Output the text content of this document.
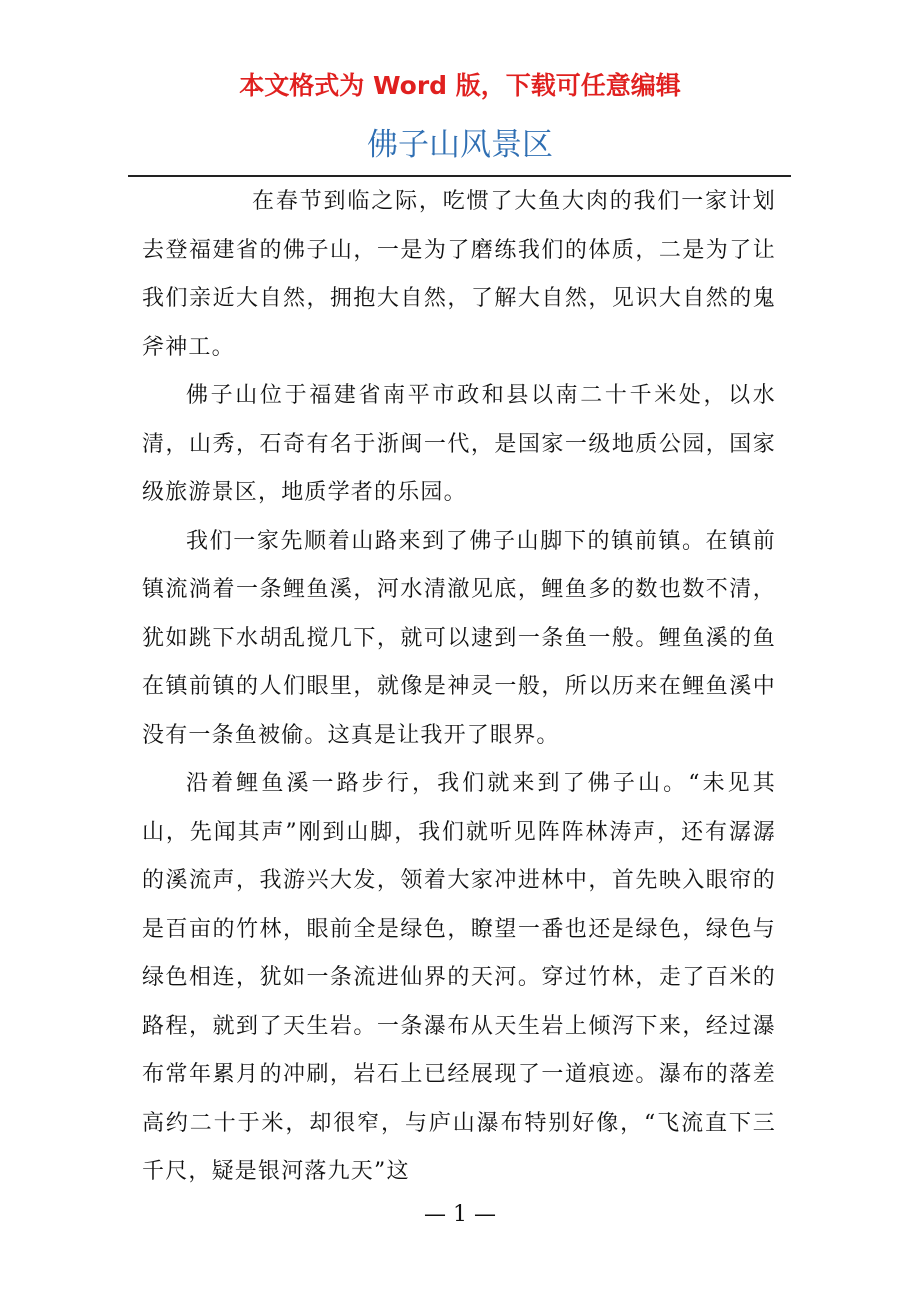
本文格式为 Word 版，下载可任意编辑
佛子山风景区

在春节到临之际，吃惯了大鱼大肉的我们一家计划去登福建省的佛子山，一是为了磨练我们的体质，二是为了让我们亲近大自然，拥抱大自然，了解大自然，见识大自然的鬼斧神工。

佛子山位于福建省南平市政和县以南二十千米处，以水清，山秀，石奇有名于浙闽一代，是国家一级地质公园，国家级旅游景区，地质学者的乐园。

我们一家先顺着山路来到了佛子山脚下的镇前镇。在镇前镇流淌着一条鲤鱼溪，河水清澈见底，鲤鱼多的数也数不清，犹如跳下水胡乱搅几下，就可以逮到一条鱼一般。鲤鱼溪的鱼在镇前镇的人们眼里，就像是神灵一般，所以历来在鲤鱼溪中没有一条鱼被偷。这真是让我开了眼界。

沿着鲤鱼溪一路步行，我们就来到了佛子山。“未见其山，先闻其声”刚到山脚，我们就听见阵阵林涛声，还有潺潺的溪流声，我游兴大发，领着大家冲进林中，首先映入眼帘的是百亩的竹林，眼前全是绿色，瞭望一番也还是绿色，绿色与绿色相连，犹如一条流进仙界的天河。穿过竹林，走了百米的路程，就到了天生岩。一条瀑布从天生岩上倾泻下来，经过瀑布常年累月的冲刷，岩石上已经展现了一道痕迹。瀑布的落差高约二十于米，却很窄，与庐山瀑布特别好像，“飞流直下三千尺，疑是银河落九天”这

— 1 —
